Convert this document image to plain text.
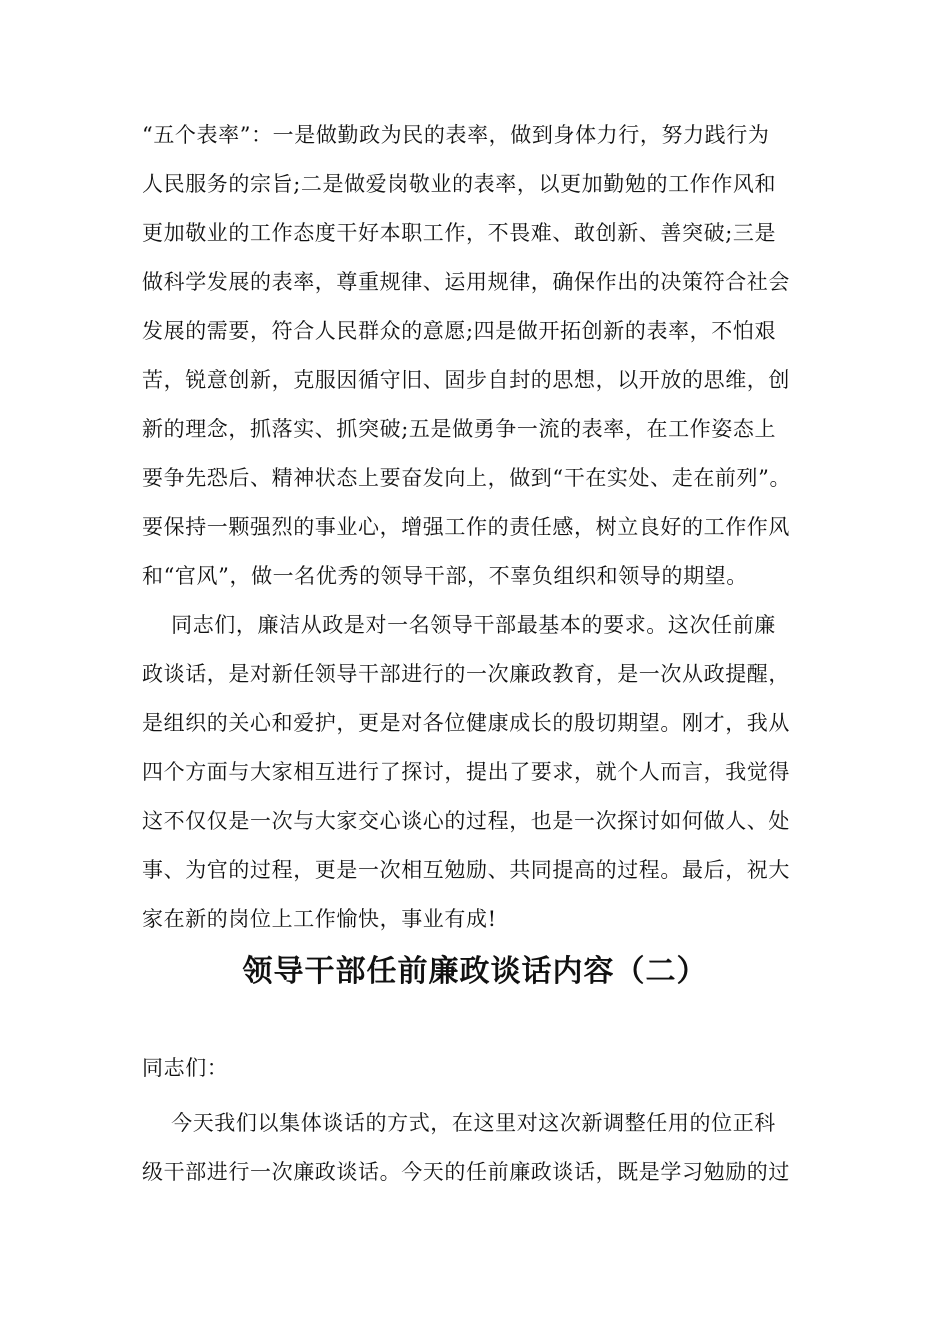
“五个表率”：一是做勤政为民的表率，做到身体力行，努力践行为
人民服务的宗旨;二是做爱岗敬业的表率，以更加勤勉的工作作风和
更加敬业的工作态度干好本职工作，不畏难、敢创新、善突破;三是
做科学发展的表率，尊重规律、运用规律，确保作出的决策符合社会
发展的需要，符合人民群众的意愿;四是做开拓创新的表率，不怕艰
苦，锐意创新，克服因循守旧、固步自封的思想，以开放的思维，创
新的理念，抓落实、抓突破;五是做勇争一流的表率，在工作姿态上
要争先恐后、精神状态上要奋发向上，做到“干在实处、走在前列”。
要保持一颗强烈的事业心，增强工作的责任感，树立良好的工作作风
和“官风”，做一名优秀的领导干部，不辜负组织和领导的期望。
同志们，廉洁从政是对一名领导干部最基本的要求。这次任前廉
政谈话，是对新任领导干部进行的一次廉政教育，是一次从政提醒，
是组织的关心和爱护，更是对各位健康成长的殷切期望。刚才，我从
四个方面与大家相互进行了探讨，提出了要求，就个人而言，我觉得
这不仅仅是一次与大家交心谈心的过程，也是一次探讨如何做人、处
事、为官的过程，更是一次相互勉励、共同提高的过程。最后，祝大
家在新的岗位上工作愉快，事业有成!
领导干部任前廉政谈话内容（二）
同志们：
今天我们以集体谈话的方式，在这里对这次新调整任用的位正科
级干部进行一次廉政谈话。今天的任前廉政谈话，既是学习勉励的过
